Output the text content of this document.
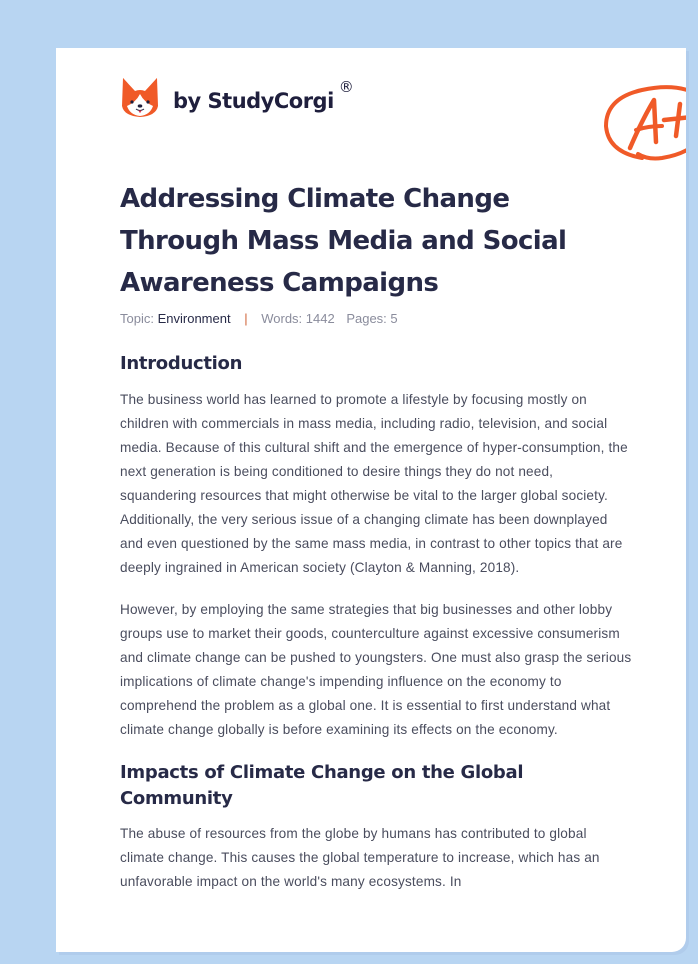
by StudyCorgi
®
Addressing Climate Change Through Mass Media and Social Awareness Campaigns
Topic: Environment | Words: 1442 Pages: 5
Introduction

The business world has learned to promote a lifestyle by focusing mostly on children with commercials in mass media, including radio, television, and social media. Because of this cultural shift and the emergence of hyper-consumption, the next generation is being conditioned to desire things they do not need, squandering resources that might otherwise be vital to the larger global society. Additionally, the very serious issue of a changing climate has been downplayed and even questioned by the same mass media, in contrast to other topics that are deeply ingrained in American society (Clayton & Manning, 2018).

However, by employing the same strategies that big businesses and other lobby groups use to market their goods, counterculture against excessive consumerism and climate change can be pushed to youngsters. One must also grasp the serious implications of climate change's impending influence on the economy to comprehend the problem as a global one. It is essential to first understand what climate change globally is before examining its effects on the economy.

Impacts of Climate Change on the Global Community

The abuse of resources from the globe by humans has contributed to global climate change. This causes the global temperature to increase, which has an unfavorable impact on the world's many ecosystems. In
